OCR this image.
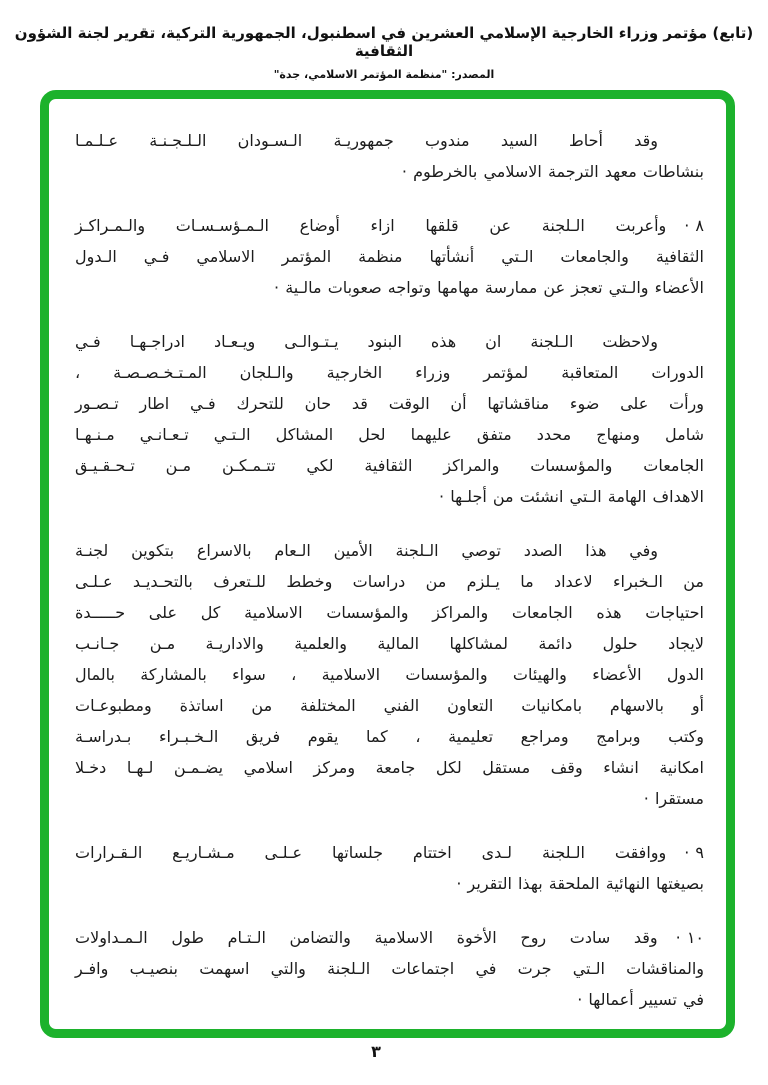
(تابع) مؤتمر وزراء الخارجية الإسلامي العشرين في اسطنبول، الجمهورية التركية، تقرير لجنة الشؤون الثقافية
المصدر: "منظمة المؤتمر الاسلامي، جدة"
وقد أحاط السيد مندوب جمهوريـة الـسـودان الـلـجـنـة عـلـمـا
بنشاطات معهد الترجمة الاسلامي بالخرطوم ·
٨ ·وأعربت الـلجنة عن قلقها ازاء أوضاع الـمـؤسـسـات والـمـراكـز
الثقافية والجامعات الـتي أنشأتها منظمة المؤتمر الاسلامي فـي الـدول
الأعضاء والـتي تعجز عن ممارسة مهامها وتواجه صعوبات مالـية ·
ولاحظت الـلجنة ان هذه البنود يـتـوالـى ويـعـاد ادراجـهـا فـي
الدورات المتعاقبة لمؤتمر وزراء الخارجية والـلجان المـتـخـصـصـة ،
ورأت على ضوء مناقشاتها أن الوقت قد حان للتحرك فـي اطار تـصـور
شامل ومنهاج محدد متفق عليهما لحل المشاكل الـتـي تـعـانـي مـنـهـا
الجامعات والمؤسسات والمراكز الثقافية لكي تتـمـكـن مـن تـحـقـيـق
الاهداف الهامة الـتي انشئت من أجلـها ·
وفي هذا الصدد توصي الـلجنة الأمين الـعام بالاسراع بتكوين لجنـة
من الـخبراء لاعداد ما يـلزم من دراسات وخطط للـتعرف بالتحـديـد عـلـى
احتياجات هذه الجامعات والمراكز والمؤسسات الاسلامية كل على حـــــدة
لايجاد حلول دائمة لمشاكلها المالية والعلمية والاداريـة مـن جـانـب
الدول الأعضاء والهيئات والمؤسسات الاسلامية ، سواء بالمشاركة بالمال
أو بالاسهام بامكانيات التعاون الفني المختلفة من اساتذة ومطبوعـات
وكتب وبرامج ومراجع تعليمية ، كما يقوم فريق الـخـبـراء بـدراسـة
امكانية انشاء وقف مستقل لكل جامعة ومركز اسلامي يضـمـن لـهـا دخـلا
مستقرا ·
٩ ·ووافقت الـلجنة لـدى اختتام جلساتها عـلـى مـشـاريـع الـقـرارات
بصيغتها النهائية الملحقة بهذا التقرير ·
١٠ ·وقد سادت روح الأخوة الاسلامية والتضامن الـتـام طول الـمـداولات
والمناقشات الـتي جرت في اجتماعات الـلجنة والتي اسهمت بنصيـب وافـر
في تسيير أعمالها ·
٣
